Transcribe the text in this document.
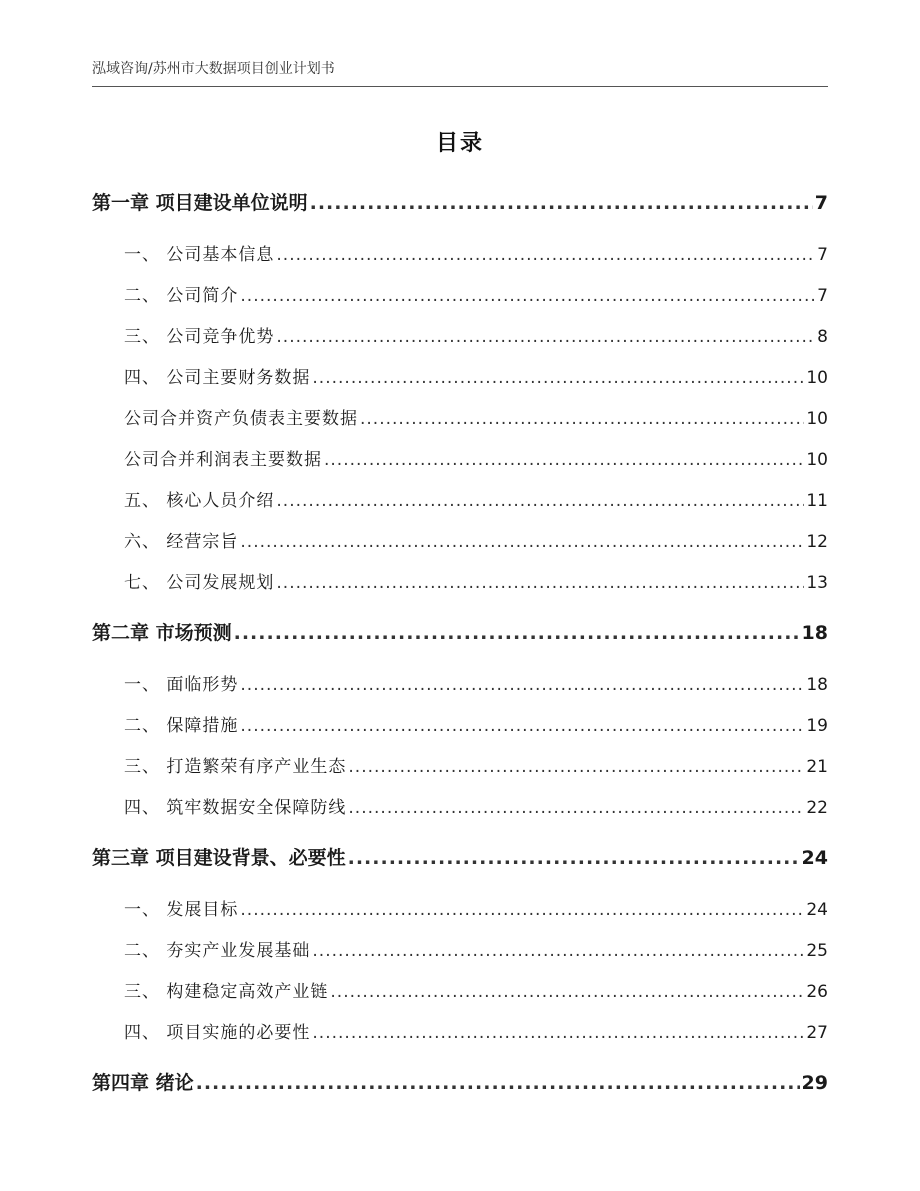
泓域咨询/苏州市大数据项目创业计划书
目录
第一章 项目建设单位说明 .....	7
一、 公司基本信息 .....	7
二、 公司简介 .....	7
三、 公司竞争优势 .....	8
四、 公司主要财务数据 .....	10
公司合并资产负债表主要数据 .....	10
公司合并利润表主要数据 .....	10
五、 核心人员介绍 .....	11
六、 经营宗旨 .....	12
七、 公司发展规划 .....	13
第二章 市场预测 .....	18
一、 面临形势 .....	18
二、 保障措施 .....	19
三、 打造繁荣有序产业生态 .....	21
四、 筑牢数据安全保障防线 .....	22
第三章 项目建设背景、必要性 .....	24
一、 发展目标 .....	24
二、 夯实产业发展基础 .....	25
三、 构建稳定高效产业链 .....	26
四、 项目实施的必要性 .....	27
第四章 绪论 .....	29
